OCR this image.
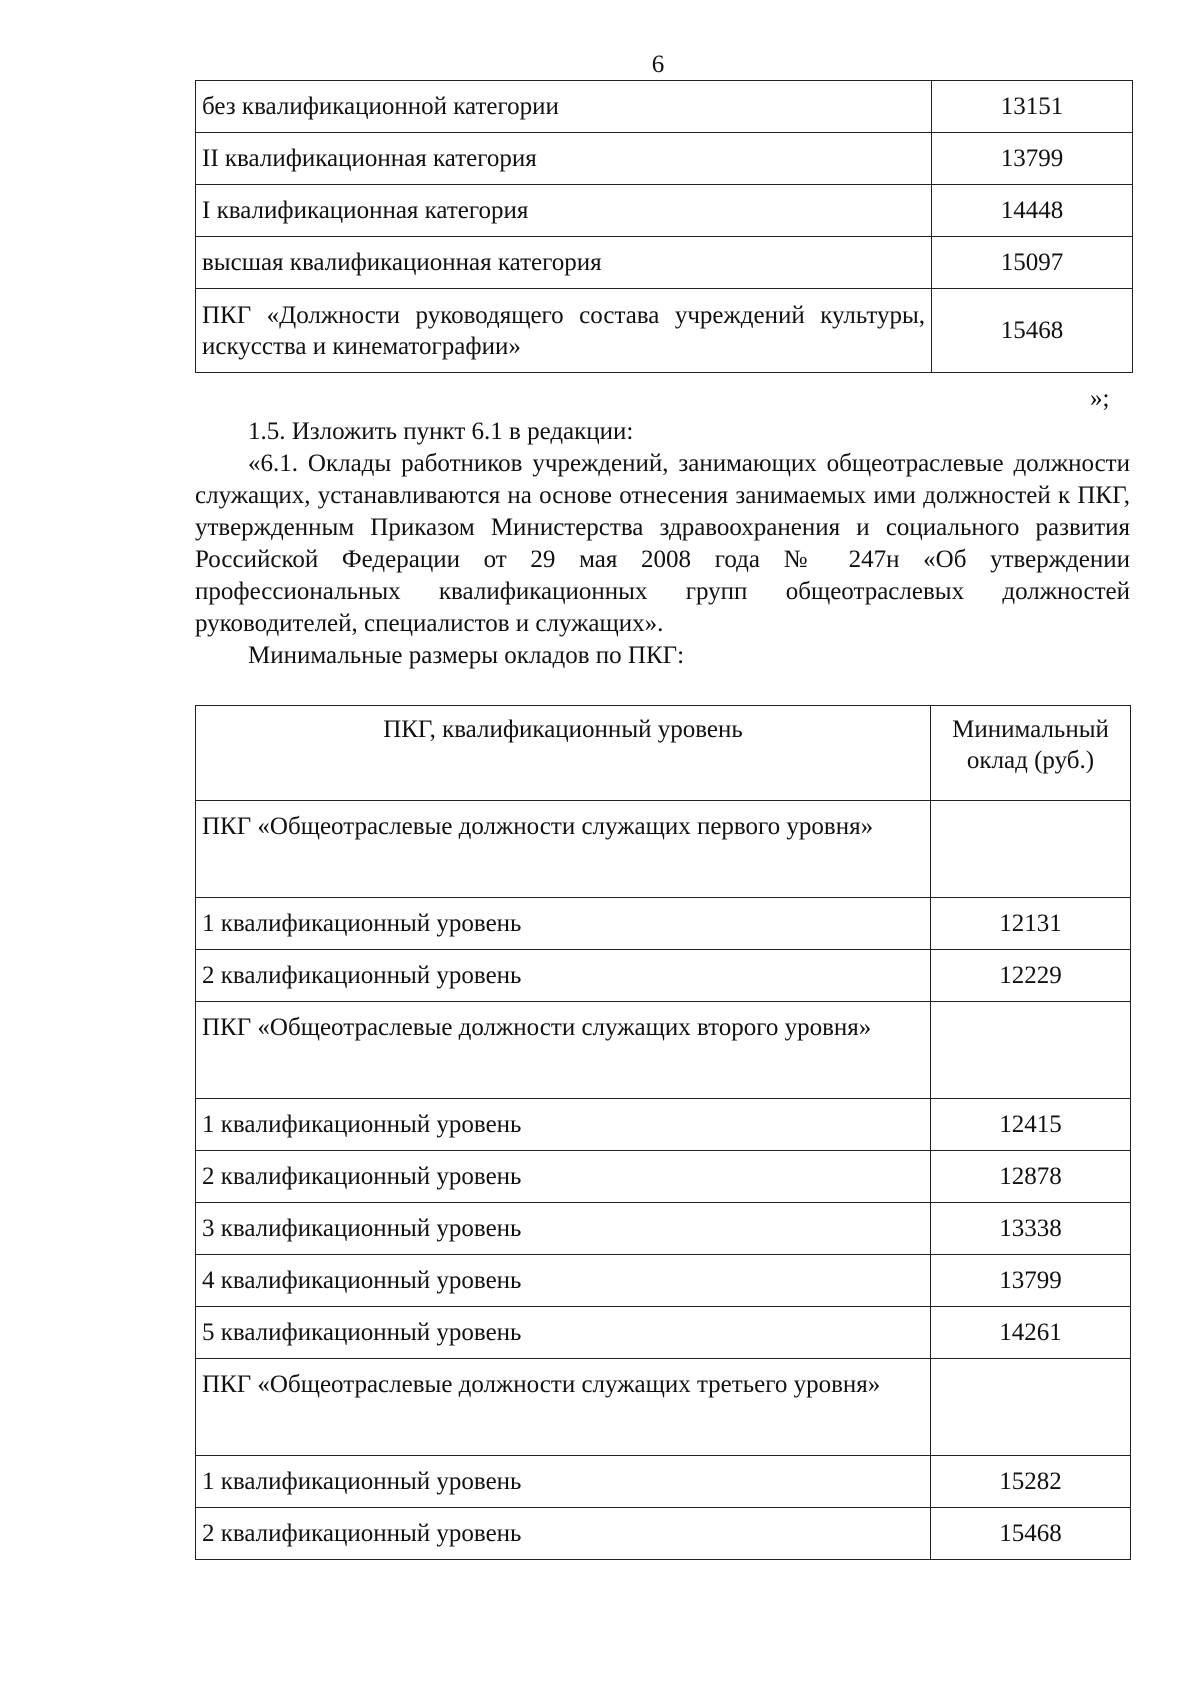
6
без квалификационной категории	13151
II квалификационная категория	13799
I квалификационная категория	14448
высшая квалификационная категория	15097
ПКГ «Должности руководящего состава учреждений культуры, искусства и кинематографии»	15468
»;
1.5. Изложить пункт 6.1 в редакции:
«6.1. Оклады работников учреждений, занимающих общеотраслевые должности служащих, устанавливаются на основе отнесения занимаемых ими должностей к ПКГ, утвержденным Приказом Министерства здравоохранения и социального развития Российской Федерации от 29 мая 2008 года № 247н «Об утверждении профессиональных квалификационных групп общеотраслевых должностей руководителей, специалистов и служащих».
Минимальные размеры окладов по ПКГ:
ПКГ, квалификационный уровень	Минимальный оклад (руб.)
ПКГ «Общеотраслевые должности служащих первого уровня»	
1 квалификационный уровень	12131
2 квалификационный уровень	12229
ПКГ «Общеотраслевые должности служащих второго уровня»	
1 квалификационный уровень	12415
2 квалификационный уровень	12878
3 квалификационный уровень	13338
4 квалификационный уровень	13799
5 квалификационный уровень	14261
ПКГ «Общеотраслевые должности служащих третьего уровня»	
1 квалификационный уровень	15282
2 квалификационный уровень	15468
